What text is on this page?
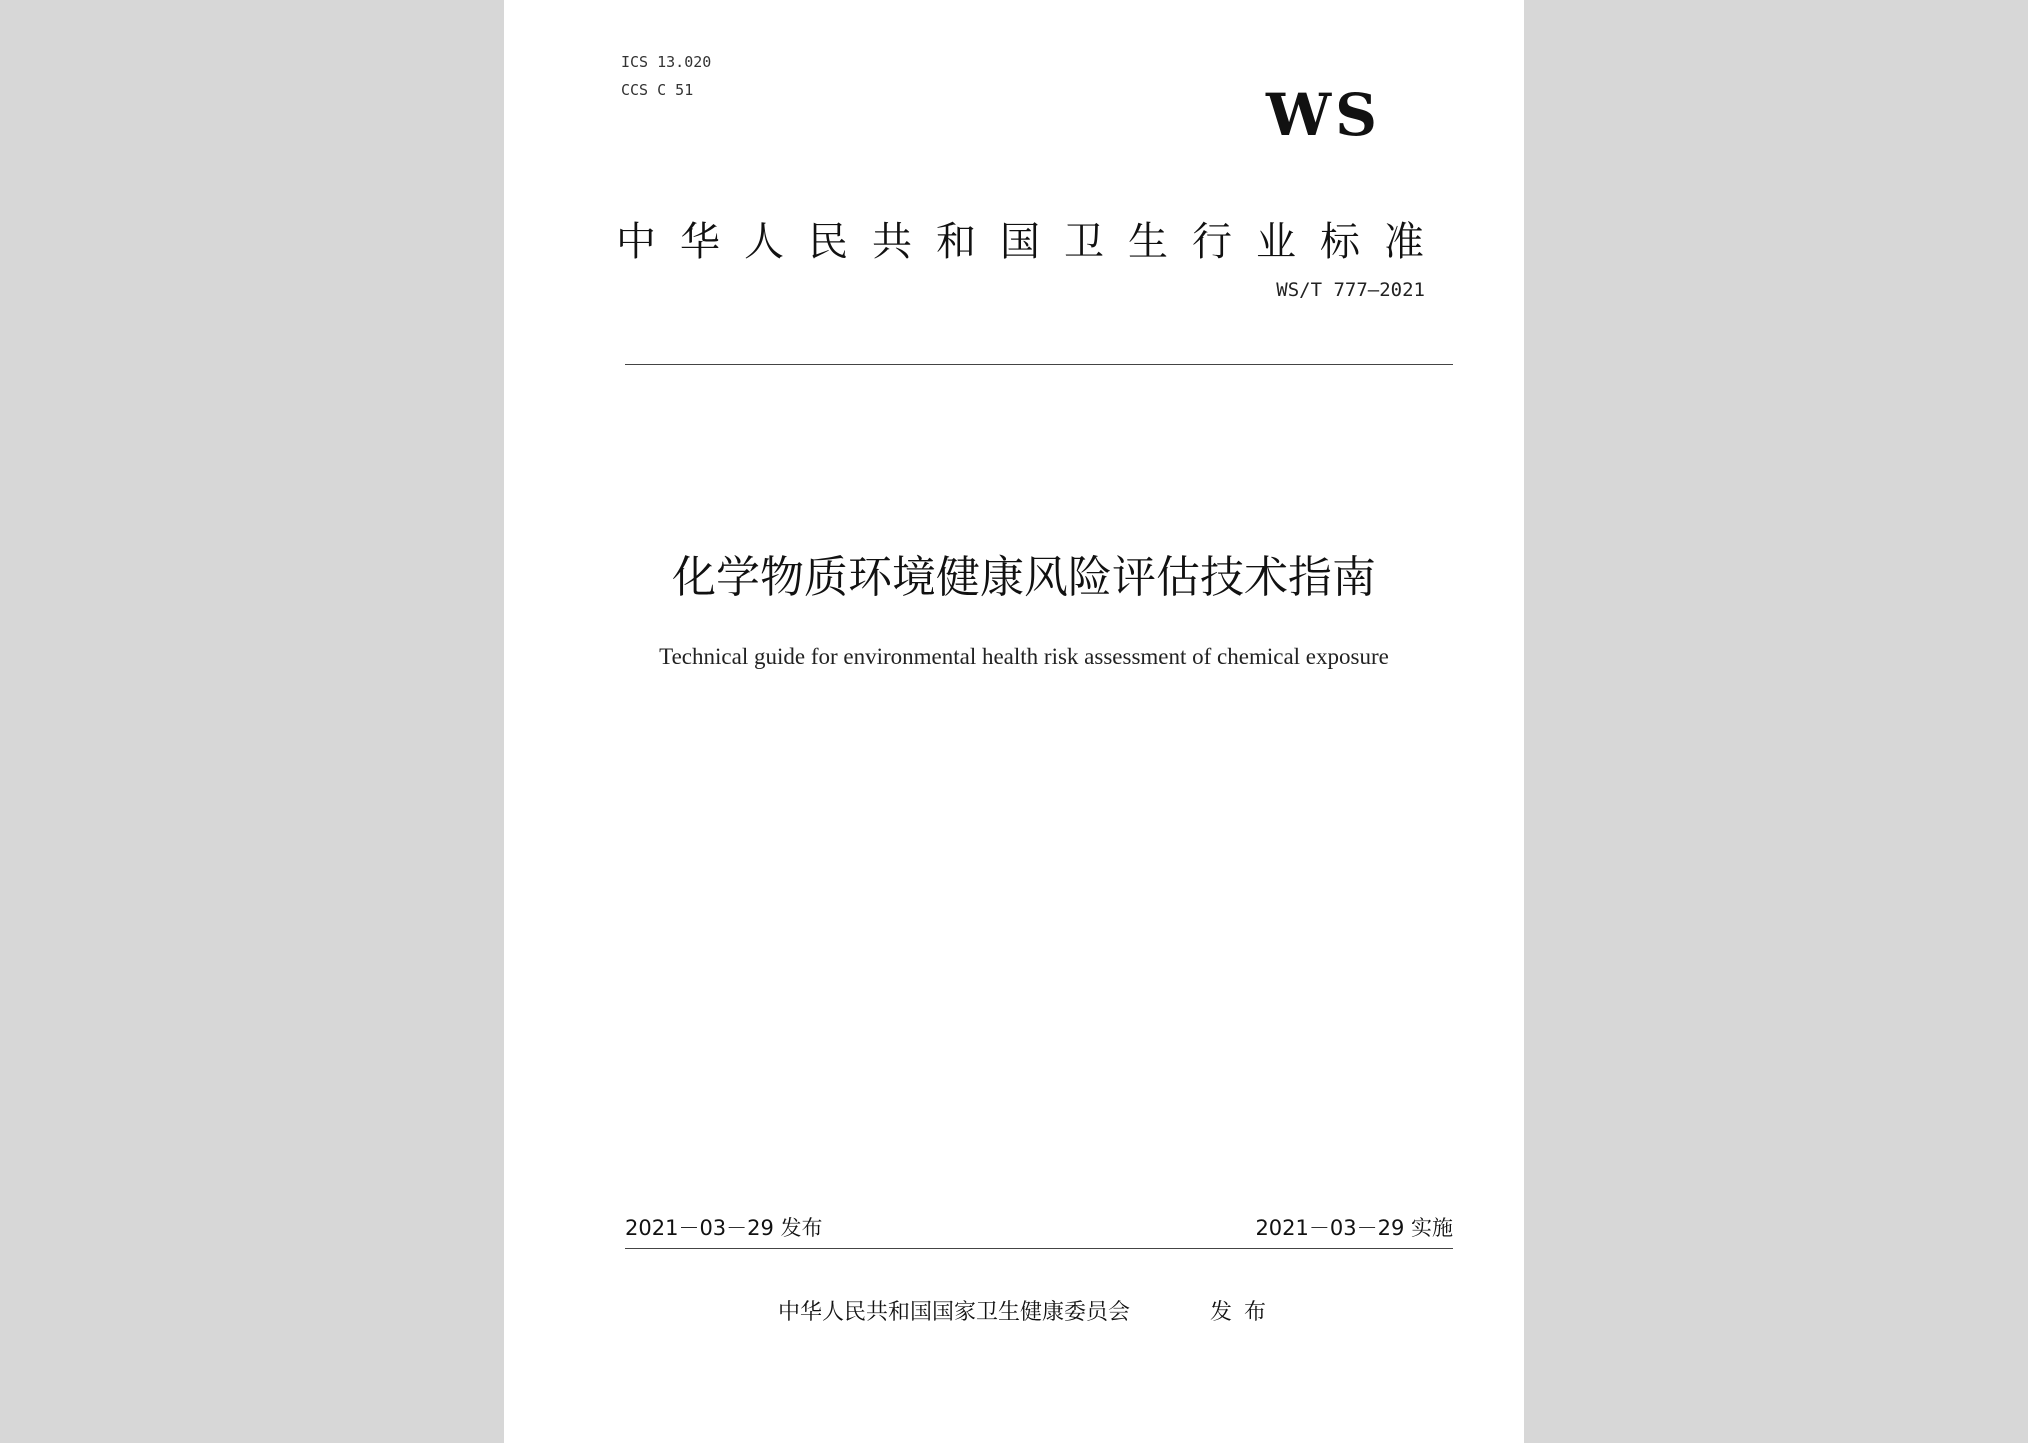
ICS 13.020
CCS C 51	WS
中华人民共和国卫生行业标准
WS/T 777—2021
化学物质环境健康风险评估技术指南
Technical guide for environmental health risk assessment of chemical exposure
2021－03－29 发布	2021－03－29 实施
中华人民共和国国家卫生健康委员会	发布
